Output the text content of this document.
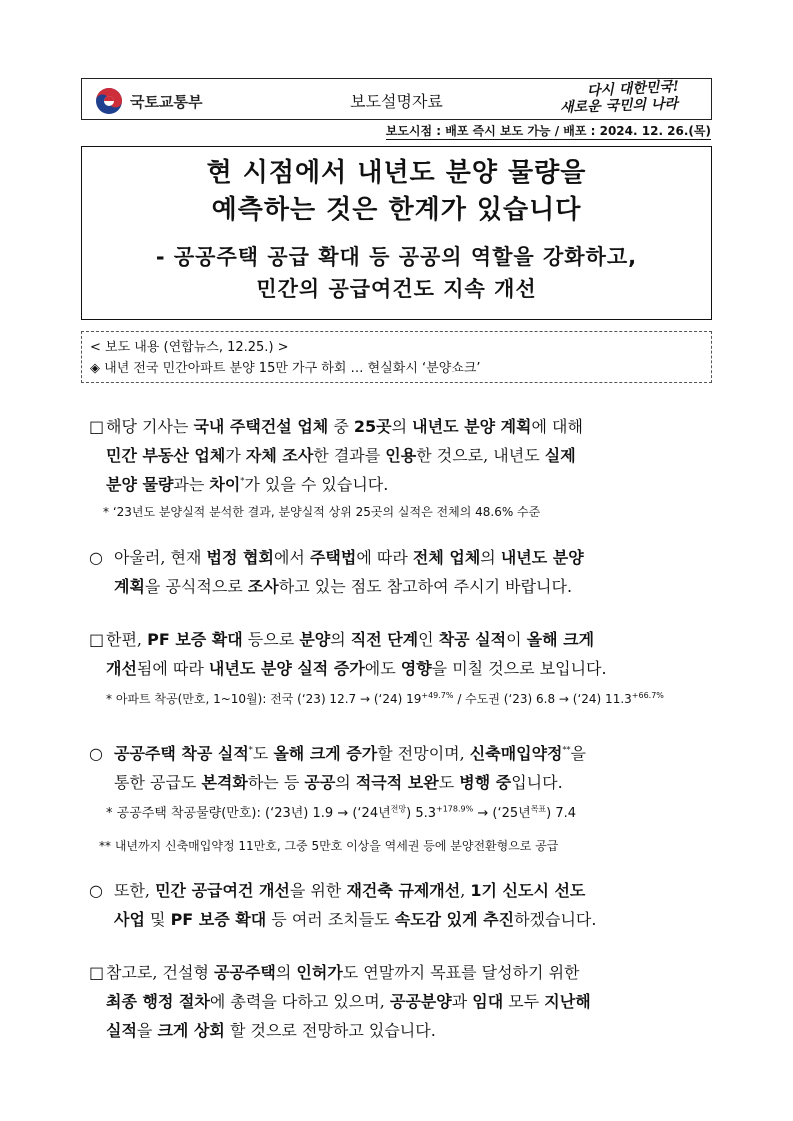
국토교통부	보도설명자료
다시 대한민국!
새로운 국민의 나라
보도시점 : 배포 즉시 보도 가능 / 배포 : 2024. 12. 26.(목)
현 시점에서 내년도 분양 물량을
예측하는 것은 한계가 있습니다
- 공공주택 공급 확대 등 공공의 역할을 강화하고,
민간의 공급여건도 지속 개선
< 보도 내용 (연합뉴스, 12.25.) >
◈ 내년 전국 민간아파트 분양 15만 가구 하회 … 현실화시 ‘분양쇼크’
□ 해당 기사는 국내 주택건설 업체 중 25곳의 내년도 분양 계획에 대해
민간 부동산 업체가 자체 조사한 결과를 인용한 것으로, 내년도 실제
분양 물량과는 차이*가 있을 수 있습니다.
* ‘23년도 분양실적 분석한 결과, 분양실적 상위 25곳의 실적은 전체의 48.6% 수준
○ 아울러, 현재 법정 협회에서 주택법에 따라 전체 업체의 내년도 분양
계획을 공식적으로 조사하고 있는 점도 참고하여 주시기 바랍니다.
□ 한편, PF 보증 확대 등으로 분양의 직전 단계인 착공 실적이 올해 크게
개선됨에 따라 내년도 분양 실적 증가에도 영향을 미칠 것으로 보입니다.
* 아파트 착공(만호, 1~10월): 전국 (‘23) 12.7 → (‘24) $19^{+49.7\%}$ / 수도권 (‘23) 6.8 → (‘24) $11.3^{+66.7\%}$
○ 공공주택 착공 실적*도 올해 크게 증가할 전망이며, 신축매입약정**을
통한 공급도 본격화하는 등 공공의 적극적 보완도 병행 중입니다.
* 공공주택 착공물량(만호): (‘23년) 1.9 → (‘24년$^{전망}$) $5.3^{+178.9\%}$ → (‘25년$^{목표}$) 7.4
** 내년까지 신축매입약정 11만호, 그중 5만호 이상을 역세권 등에 분양전환형으로 공급
○ 또한, 민간 공급여건 개선을 위한 재건축 규제개선, 1기 신도시 선도
사업 및 PF 보증 확대 등 여러 조치들도 속도감 있게 추진하겠습니다.
□ 참고로, 건설형 공공주택의 인허가도 연말까지 목표를 달성하기 위한
최종 행정 절차에 총력을 다하고 있으며, 공공분양과 임대 모두 지난해
실적을 크게 상회 할 것으로 전망하고 있습니다.
